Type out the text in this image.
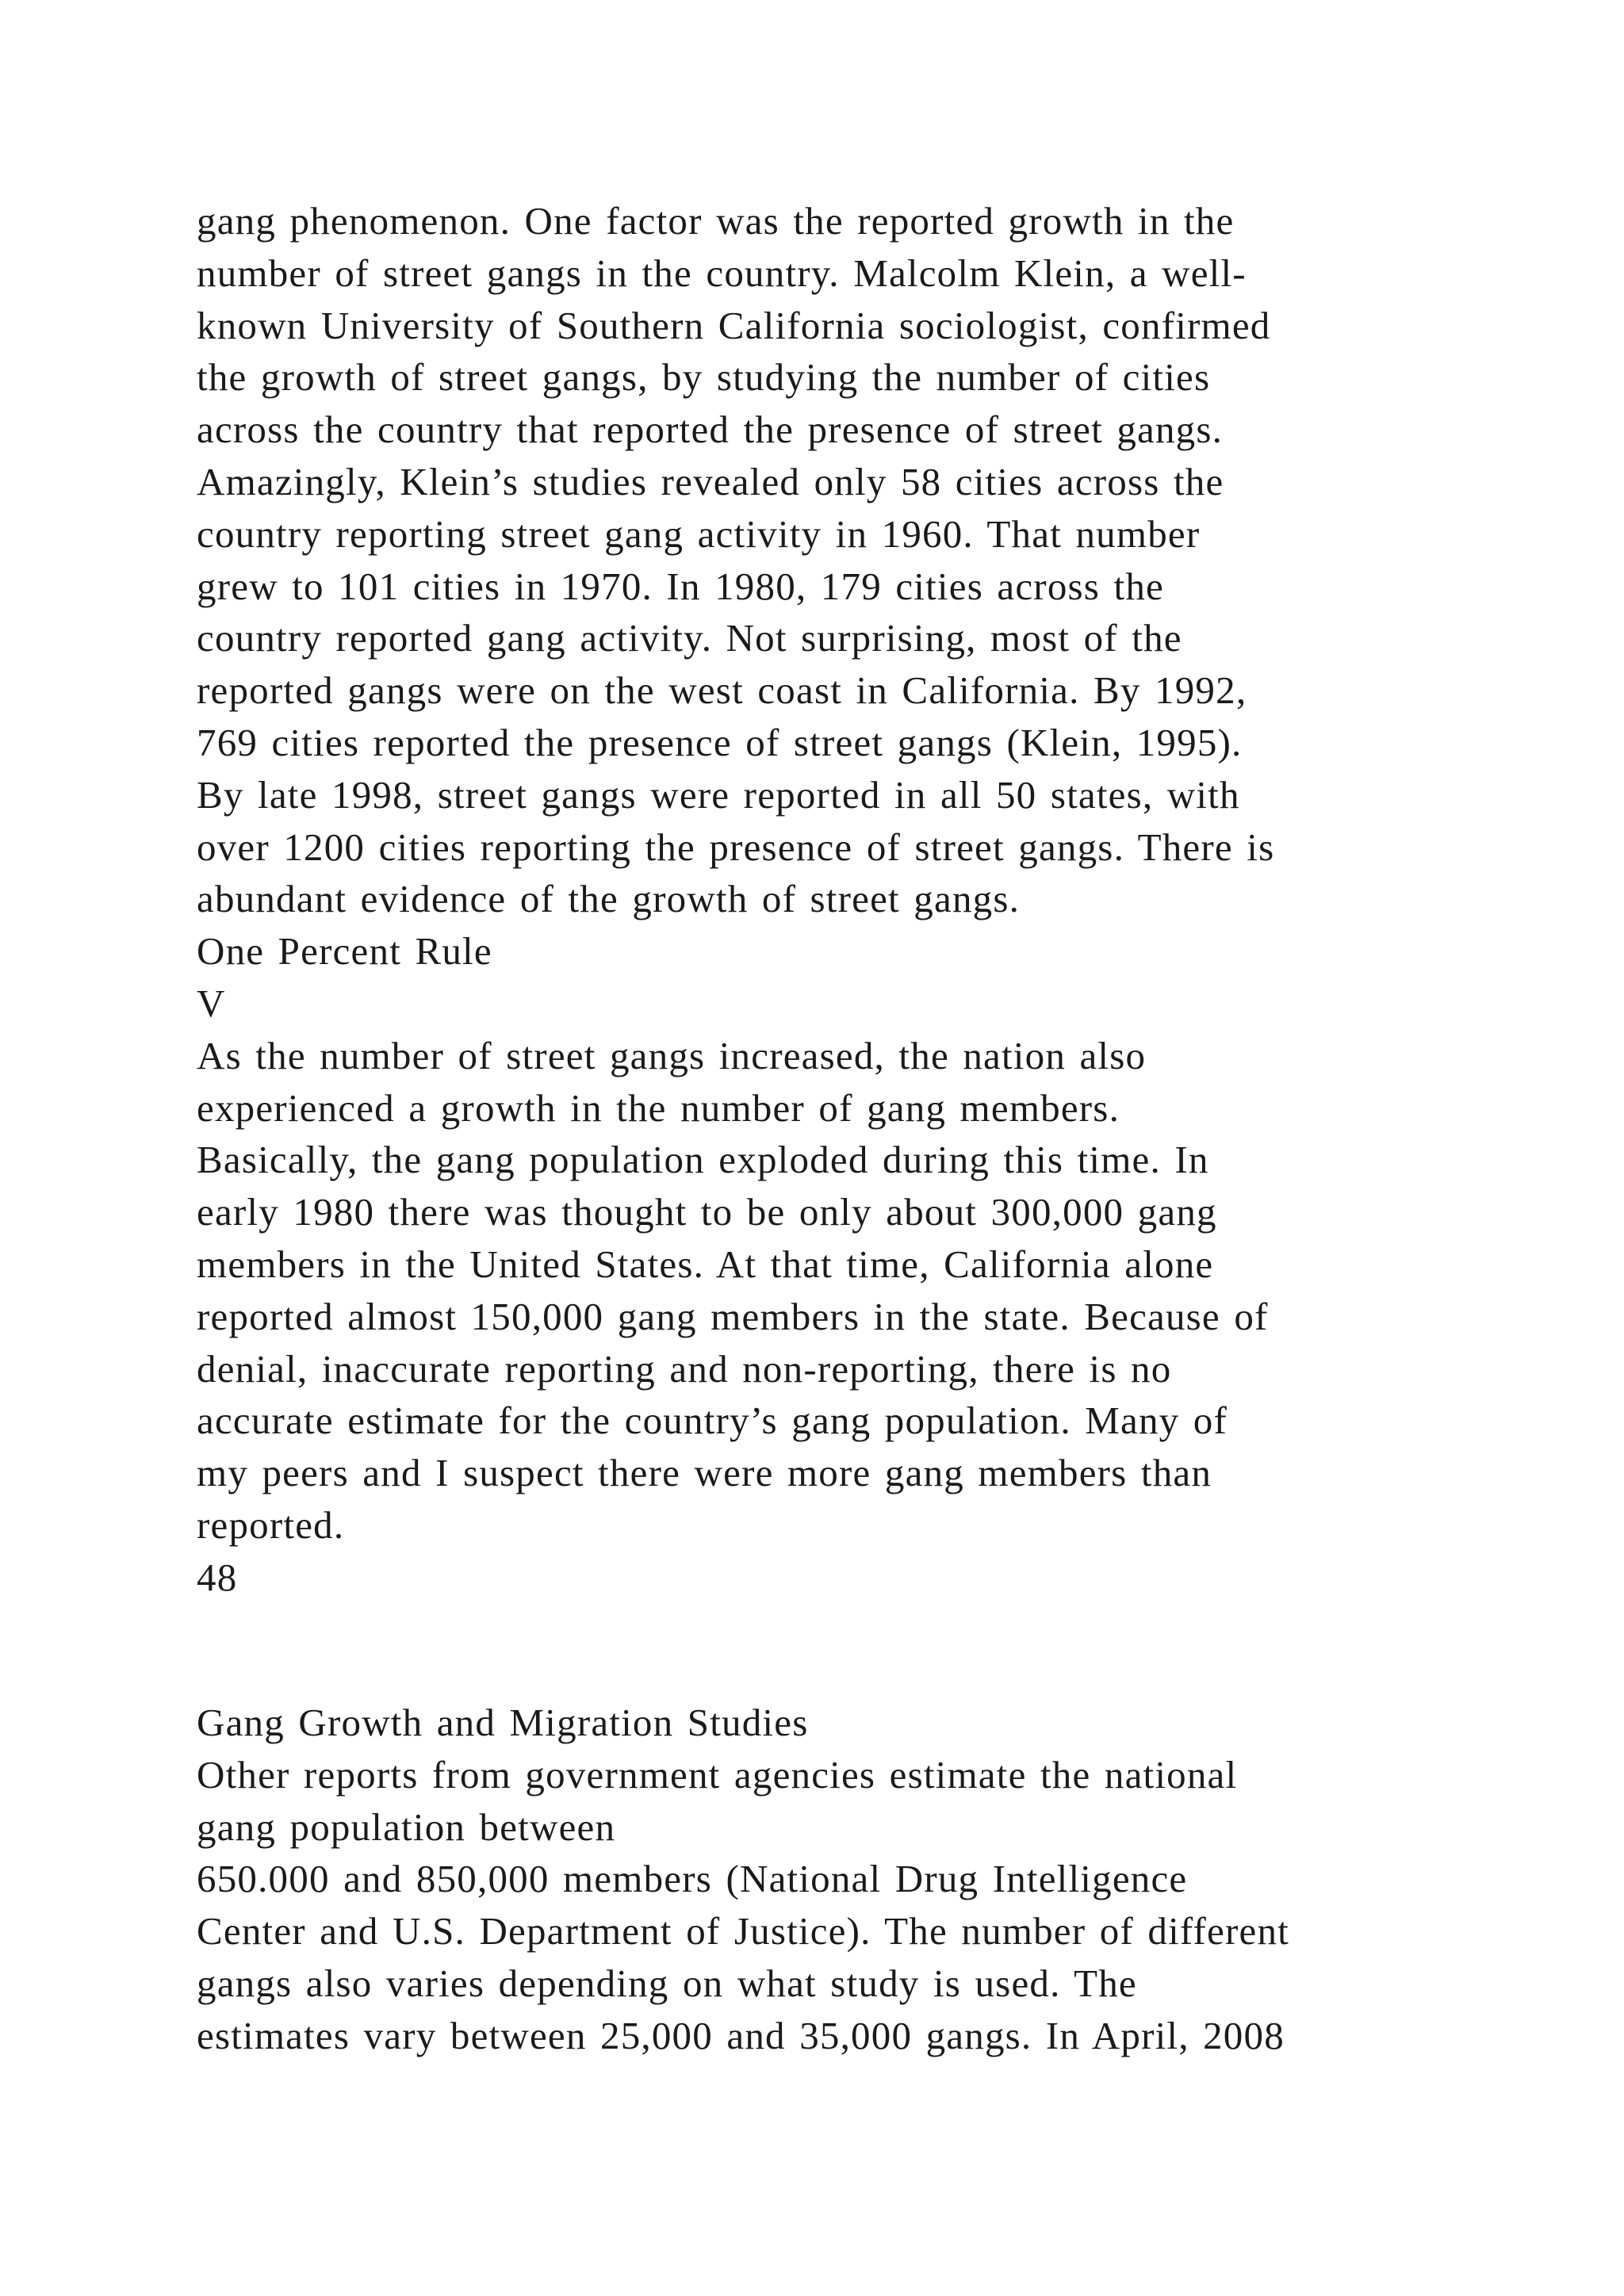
gang phenomenon. One factor was the reported growth in the
number of street gangs in the country. Malcolm Klein, a well-
known University of Southern California sociologist, confirmed
the growth of street gangs, by studying the number of cities
across the country that reported the presence of street gangs.
Amazingly, Klein’s studies revealed only 58 cities across the
country reporting street gang activity in 1960. That number
grew to 101 cities in 1970. In 1980, 179 cities across the
country reported gang activity. Not surprising, most of the
reported gangs were on the west coast in California. By 1992,
769 cities reported the presence of street gangs (Klein, 1995).
By late 1998, street gangs were reported in all 50 states, with
over 1200 cities reporting the presence of street gangs. There is
abundant evidence of the growth of street gangs.
One Percent Rule
V
As the number of street gangs increased, the nation also
experienced a growth in the number of gang members.
Basically, the gang population exploded during this time. In
early 1980 there was thought to be only about 300,000 gang
members in the United States. At that time, California alone
reported almost 150,000 gang members in the state. Because of
denial, inaccurate reporting and non-reporting, there is no
accurate estimate for the country’s gang population. Many of
my peers and I suspect there were more gang members than
reported.
48
Gang Growth and Migration Studies
Other reports from government agencies estimate the national
gang population between
650.000 and 850,000 members (National Drug Intelligence
Center and U.S. Department of Justice). The number of different
gangs also varies depending on what study is used. The
estimates vary between 25,000 and 35,000 gangs. In April, 2008
